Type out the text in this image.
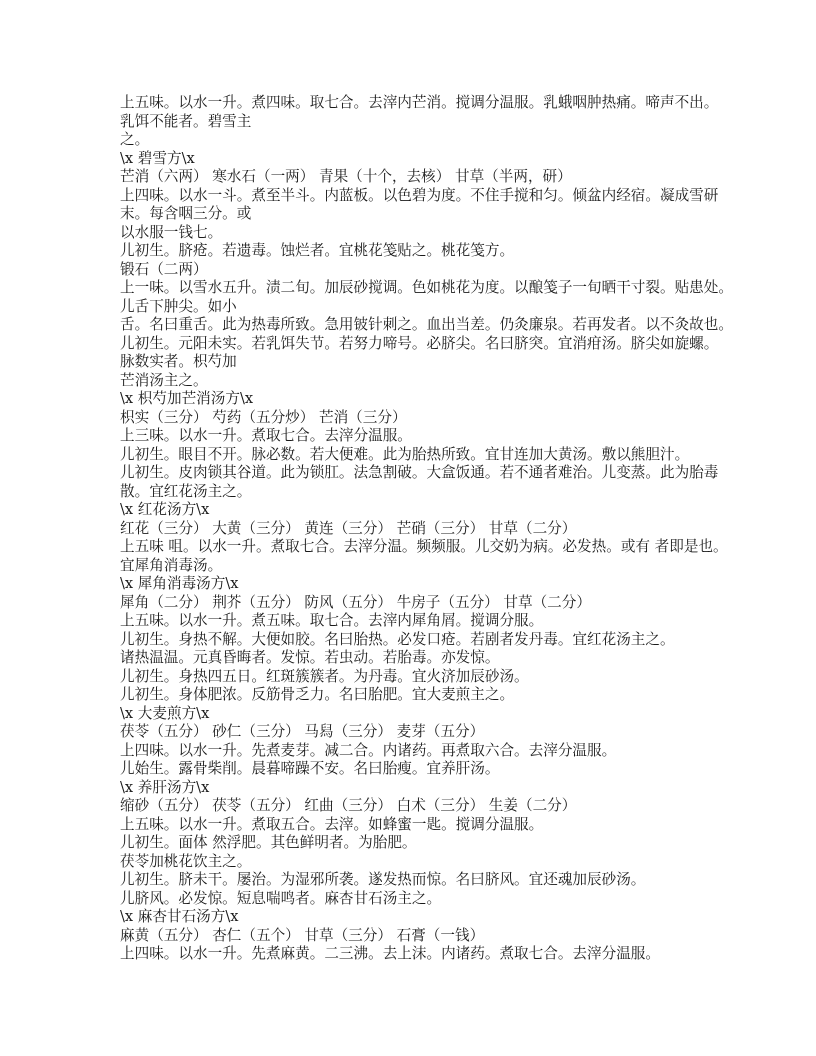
上五味。以水一升。煮四味。取七合。去滓内芒消。搅调分温服。乳蛾咽肿热痛。啼声不出。
乳饵不能者。碧雪主
之。
\x 碧雪方\x
芒消（六两） 寒水石（一两） 青果（十个，去核） 甘草（半两，研）
上四味。以水一斗。煮至半斗。内蓝板。以色碧为度。不住手搅和匀。倾盆内经宿。凝成雪研
末。每含咽三分。或
以水服一钱七。
儿初生。脐疮。若遗毒。蚀烂者。宜桃花笺贴之。桃花笺方。
锻石（二两）
上一味。以雪水五升。渍二旬。加辰砂搅调。色如桃花为度。以酿笺子一旬晒干寸裂。贴患处。
儿舌下肿尖。如小
舌。名曰重舌。此为热毒所致。急用铍针刺之。血出当差。仍灸廉泉。若再发者。以不灸故也。
儿初生。元阳未实。若乳饵失节。若努力啼号。必脐尖。名曰脐突。宜消疳汤。脐尖如旋螺。
脉数实者。枳芍加
芒消汤主之。
\x 枳芍加芒消汤方\x
枳实（三分） 芍药（五分炒） 芒消（三分）
上三味。以水一升。煮取七合。去滓分温服。
儿初生。眼目不开。脉必数。若大便难。此为胎热所致。宜甘连加大黄汤。敷以熊胆汁。
儿初生。皮肉锁其谷道。此为锁肛。法急割破。大盒饭通。若不通者难治。儿变蒸。此为胎毒
散。宜红花汤主之。
\x 红花汤方\x
红花（三分） 大黄（三分） 黄连（三分） 芒硝（三分） 甘草（二分）
上五味 咀。以水一升。煮取七合。去滓分温。频频服。儿交奶为病。必发热。或有 者即是也。
宜犀角消毒汤。
\x 犀角消毒汤方\x
犀角（二分） 荆芥（五分） 防风（五分） 牛房子（五分） 甘草（二分）
上五味。以水一升。煮五味。取七合。去滓内犀角屑。搅调分服。
儿初生。身热不解。大便如胶。名曰胎热。必发口疮。若剧者发丹毒。宜红花汤主之。
诸热温温。元真昏晦者。发惊。若虫动。若胎毒。亦发惊。
儿初生。身热四五日。红斑簇簇者。为丹毒。宜火济加辰砂汤。
儿初生。身体肥浓。反筋骨乏力。名曰胎肥。宜大麦煎主之。
\x 大麦煎方\x
茯苓（五分） 砂仁（三分） 马舄（三分） 麦芽（五分）
上四味。以水一升。先煮麦芽。减二合。内诸药。再煮取六合。去滓分温服。
儿始生。露骨柴削。晨暮啼躁不安。名曰胎瘦。宜养肝汤。
\x 养肝汤方\x
缩砂（五分） 茯苓（五分） 红曲（三分） 白术（三分） 生姜（二分）
上五味。以水一升。煮取五合。去滓。如蜂蜜一匙。搅调分温服。
儿初生。面体 然浮肥。其色鲜明者。为胎肥。
茯苓加桃花饮主之。
儿初生。脐未干。屡治。为湿邪所袭。遂发热而惊。名曰脐风。宜还魂加辰砂汤。
儿脐风。必发惊。短息喘鸣者。麻杏甘石汤主之。
\x 麻杏甘石汤方\x
麻黄（五分） 杏仁（五个） 甘草（三分） 石膏（一钱）
上四味。以水一升。先煮麻黄。二三沸。去上沫。内诸药。煮取七合。去滓分温服。
